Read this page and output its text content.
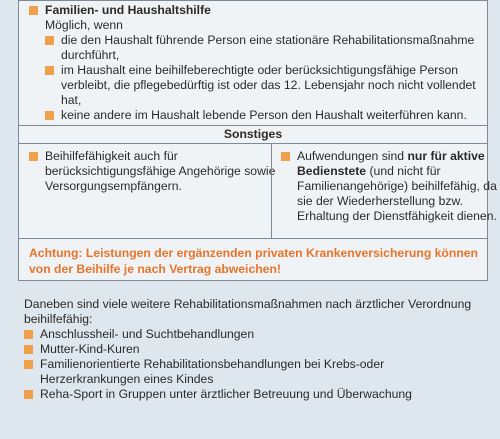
Familien- und Haushaltshilfe
Möglich, wenn
die den Haushalt führende Person eine stationäre Rehabilitationsmaßnahme durchführt,
im Haushalt eine beihilfeberechtigte oder berücksichtigungsfähige Person verbleibt, die pflegebedürftig ist oder das 12. Lebensjahr noch nicht vollendet hat,
keine andere im Haushalt lebende Person den Haushalt weiterführen kann.
Sonstiges
Beihilfefähigkeit auch für berücksichtigungsfähige Angehörige sowie Versorgungsempfängern.
Aufwendungen sind nur für aktive Bedienstete (und nicht für Familienangehörige) beihilfefähig, da sie der Wiederherstellung bzw. Erhaltung der Dienstfähigkeit dienen.
Achtung: Leistungen der ergänzenden privaten Krankenversicherung können von der Beihilfe je nach Vertrag abweichen!
Daneben sind viele weitere Rehabilitationsmaßnahmen nach ärztlicher Verordnung beihilfefähig:
Anschlussheil- und Suchtbehandlungen
Mutter-Kind-Kuren
Familienorientierte Rehabilitationsbehandlungen bei Krebs-oder Herzerkrankungen eines Kindes
Reha-Sport in Gruppen unter ärztlicher Betreuung und Überwachung
